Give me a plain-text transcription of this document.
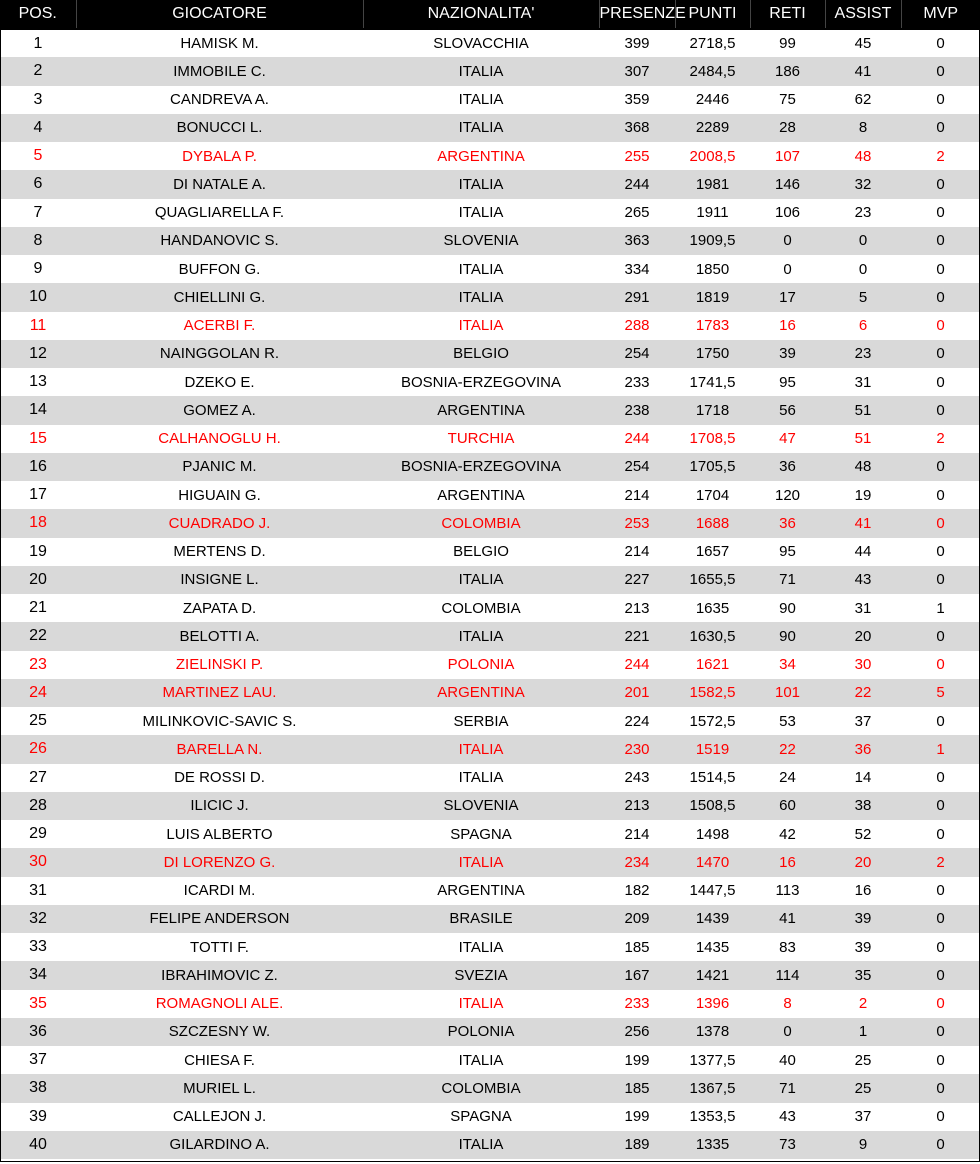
POS.	GIOCATORE	NAZIONALITA'	PRESENZE	PUNTI	RETI	ASSIST	MVP
1	HAMISK M.	SLOVACCHIA	399	2718,5	99	45	0
2	IMMOBILE C.	ITALIA	307	2484,5	186	41	0
3	CANDREVA A.	ITALIA	359	2446	75	62	0
4	BONUCCI L.	ITALIA	368	2289	28	8	0
5	DYBALA P.	ARGENTINA	255	2008,5	107	48	2
6	DI NATALE A.	ITALIA	244	1981	146	32	0
7	QUAGLIARELLA F.	ITALIA	265	1911	106	23	0
8	HANDANOVIC S.	SLOVENIA	363	1909,5	0	0	0
9	BUFFON G.	ITALIA	334	1850	0	0	0
10	CHIELLINI G.	ITALIA	291	1819	17	5	0
11	ACERBI F.	ITALIA	288	1783	16	6	0
12	NAINGGOLAN R.	BELGIO	254	1750	39	23	0
13	DZEKO E.	BOSNIA-ERZEGOVINA	233	1741,5	95	31	0
14	GOMEZ A.	ARGENTINA	238	1718	56	51	0
15	CALHANOGLU H.	TURCHIA	244	1708,5	47	51	2
16	PJANIC M.	BOSNIA-ERZEGOVINA	254	1705,5	36	48	0
17	HIGUAIN G.	ARGENTINA	214	1704	120	19	0
18	CUADRADO J.	COLOMBIA	253	1688	36	41	0
19	MERTENS D.	BELGIO	214	1657	95	44	0
20	INSIGNE L.	ITALIA	227	1655,5	71	43	0
21	ZAPATA D.	COLOMBIA	213	1635	90	31	1
22	BELOTTI A.	ITALIA	221	1630,5	90	20	0
23	ZIELINSKI P.	POLONIA	244	1621	34	30	0
24	MARTINEZ LAU.	ARGENTINA	201	1582,5	101	22	5
25	MILINKOVIC-SAVIC S.	SERBIA	224	1572,5	53	37	0
26	BARELLA N.	ITALIA	230	1519	22	36	1
27	DE ROSSI D.	ITALIA	243	1514,5	24	14	0
28	ILICIC J.	SLOVENIA	213	1508,5	60	38	0
29	LUIS ALBERTO	SPAGNA	214	1498	42	52	0
30	DI LORENZO G.	ITALIA	234	1470	16	20	2
31	ICARDI M.	ARGENTINA	182	1447,5	113	16	0
32	FELIPE ANDERSON	BRASILE	209	1439	41	39	0
33	TOTTI F.	ITALIA	185	1435	83	39	0
34	IBRAHIMOVIC Z.	SVEZIA	167	1421	114	35	0
35	ROMAGNOLI ALE.	ITALIA	233	1396	8	2	0
36	SZCZESNY W.	POLONIA	256	1378	0	1	0
37	CHIESA F.	ITALIA	199	1377,5	40	25	0
38	MURIEL L.	COLOMBIA	185	1367,5	71	25	0
39	CALLEJON J.	SPAGNA	199	1353,5	43	37	0
40	GILARDINO A.	ITALIA	189	1335	73	9	0
